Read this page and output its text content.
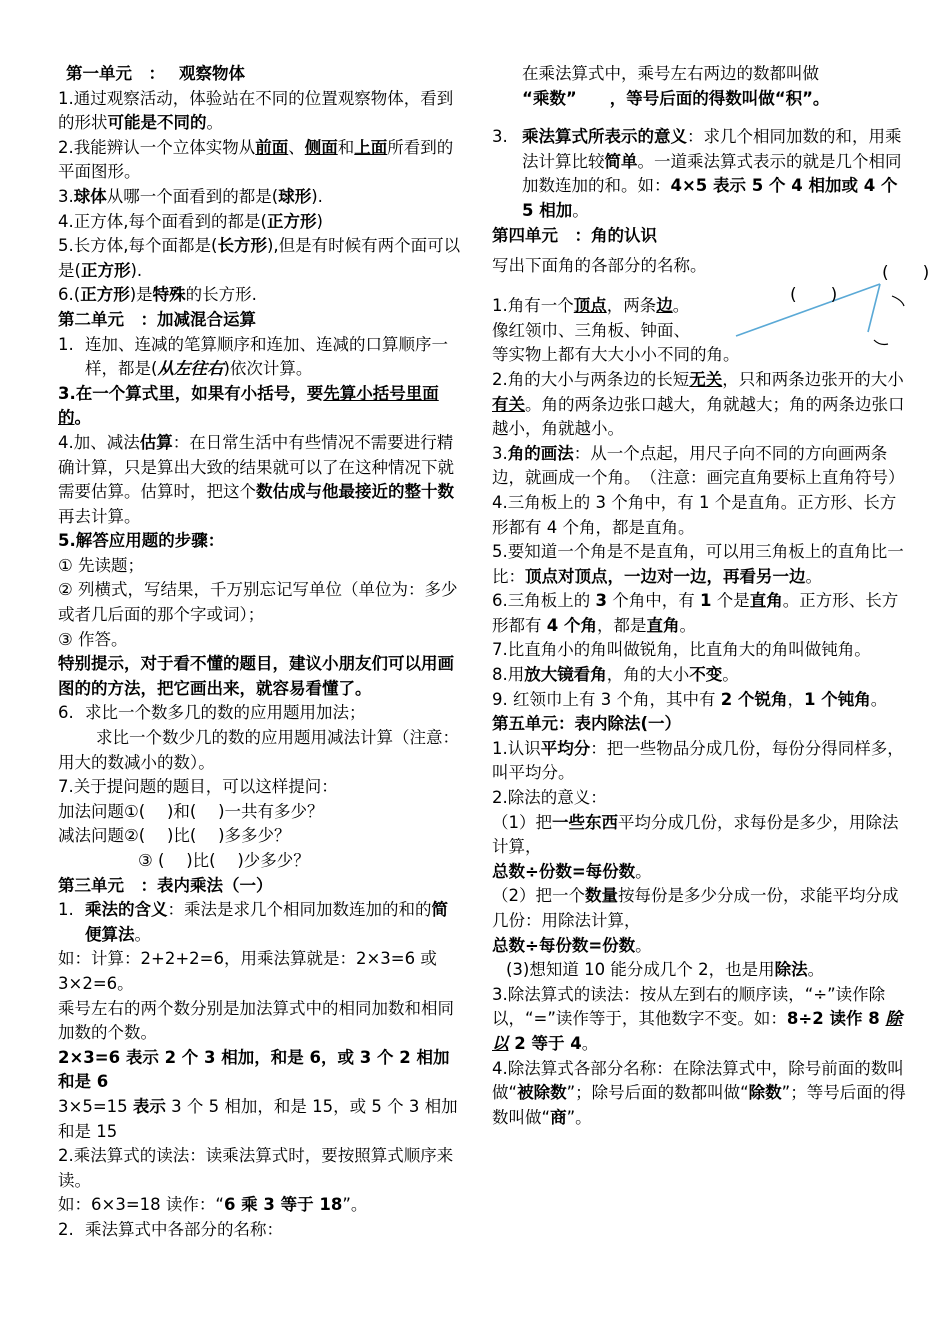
第一单元　：　 观察物体

1.通过观察活动，体验站在不同的位置观察物体，看到的形状可能是不同的。

2.我能辨认一个立体实物从前面、侧面和上面所看到的平面图形。

3.球体从哪一个面看到的都是(球形).

4.正方体,每个面看到的都是(正方形)

5.长方体,每个面都是(长方形),但是有时候有两个面可以是(正方形).

6.(正方形)是特殊的长方形.

第二单元　：加减混合运算

1. 连加、连减的笔算顺序和连加、连减的口算顺序一样，都是(从左往右)依次计算。

3.在一个算式里，如果有小括号，要先算小括号里面的。

4.加、减法估算：在日常生活中有些情况不需要进行精确计算，只是算出大致的结果就可以了在这种情况下就需要估算。估算时，把这个数估成与他最接近的整十数再去计算。

5.解答应用题的步骤：

① 先读题；

② 列横式，写结果，千万别忘记写单位（单位为：多少或者几后面的那个字或词）；

③ 作答。

特别提示，对于看不懂的题目，建议小朋友们可以用画图的的方法，把它画出来，就容易看懂了。

6. 求比一个数多几的数的应用题用加法；

求比一个数少几的数的应用题用减法计算（注意：用大的数减小的数）。

7.关于提问题的题目，可以这样提问：

加法问题①(　 )和(　 )一共有多少？

减法问题②(　 )比(　 )多多少？

③ (　 )比(　 )少多少？

第三单元　：表内乘法（一）

1. 乘法的含义：乘法是求几个相同加数连加的和的简便算法。

如：计算：2+2+2=6，用乘法算就是：2×3=6 或 3×2=6。

乘号左右的两个数分别是加法算式中的相同加数和相同加数的个数。

2×3=6 表示 2 个 3 相加，和是 6，或 3 个 2 相加和是 6

3×5=15 表示 3 个 5 相加，和是 15，或 5 个 3 相加和是 15

2.乘法算式的读法：读乘法算式时，要按照算式顺序来读。

如：6×3=18 读作：“6 乘 3 等于 18”。

2. 乘法算式中各部分的名称：

在乘法算式中，乘号左右两边的数都叫做
“乘数”　　，等号后面的得数叫做“积”。

3. 乘法算式所表示的意义：求几个相同加数的和，用乘法计算比较简单。一道乘法算式表示的就是几个相同加数连加的和。如：4×5 表示 5 个 4 相加或 4 个 5 相加。

第四单元　：角的认识

写出下面角的各部分的名称。

1.角有一个顶点，两条边。

像红领巾、三角板、钟面、

等实物上都有大大小小不同的角。

2.角的大小与两条边的长短无关，只和两条边张开的大小有关。角的两条边张口越大，角就越大；角的两条边张口越小，角就越小。

3.角的画法：从一个点起，用尺子向不同的方向画两条边，就画成一个角。　（注意：画完直角要标上直角符号）

4.三角板上的 3 个角中，有 1 个是直角。正方形、长方形都有 4 个角，都是直角。

5.要知道一个角是不是直角，可以用三角板上的直角比一比：顶点对顶点，一边对一边，再看另一边。

6.三角板上的 3 个角中，有 1 个是直角。正方形、长方形都有 4 个角，都是直角。

7.比直角小的角叫做锐角，比直角大的角叫做钝角。

8.用放大镜看角，角的大小不变。

9. 红领巾上有 3 个角，其中有 2 个锐角，1 个钝角。

第五单元：表内除法(一）

1.认识平均分：把一些物品分成几份，每份分得同样多，叫平均分。

2.除法的意义：

（1）把一些东西平均分成几份，求每份是多少，用除法计算，

总数÷份数=每份数。

（2）把一个数量按每份是多少分成一份，求能平均分成几份：用除法计算，

总数÷每份数=份数。

(3)想知道 10 能分成几个 2，也是用除法。

3.除法算式的读法：按从左到右的顺序读，“÷”读作除以，“=”读作等于，其他数字不变。如：8÷2 读作 8 除以 2 等于 4。

4.除法算式各部分名称：在除法算式中，除号前面的数叫做“被除数”；除号后面的数都叫做“除数”；等号后面的得数叫做“商”。

(　　)
(　　)
